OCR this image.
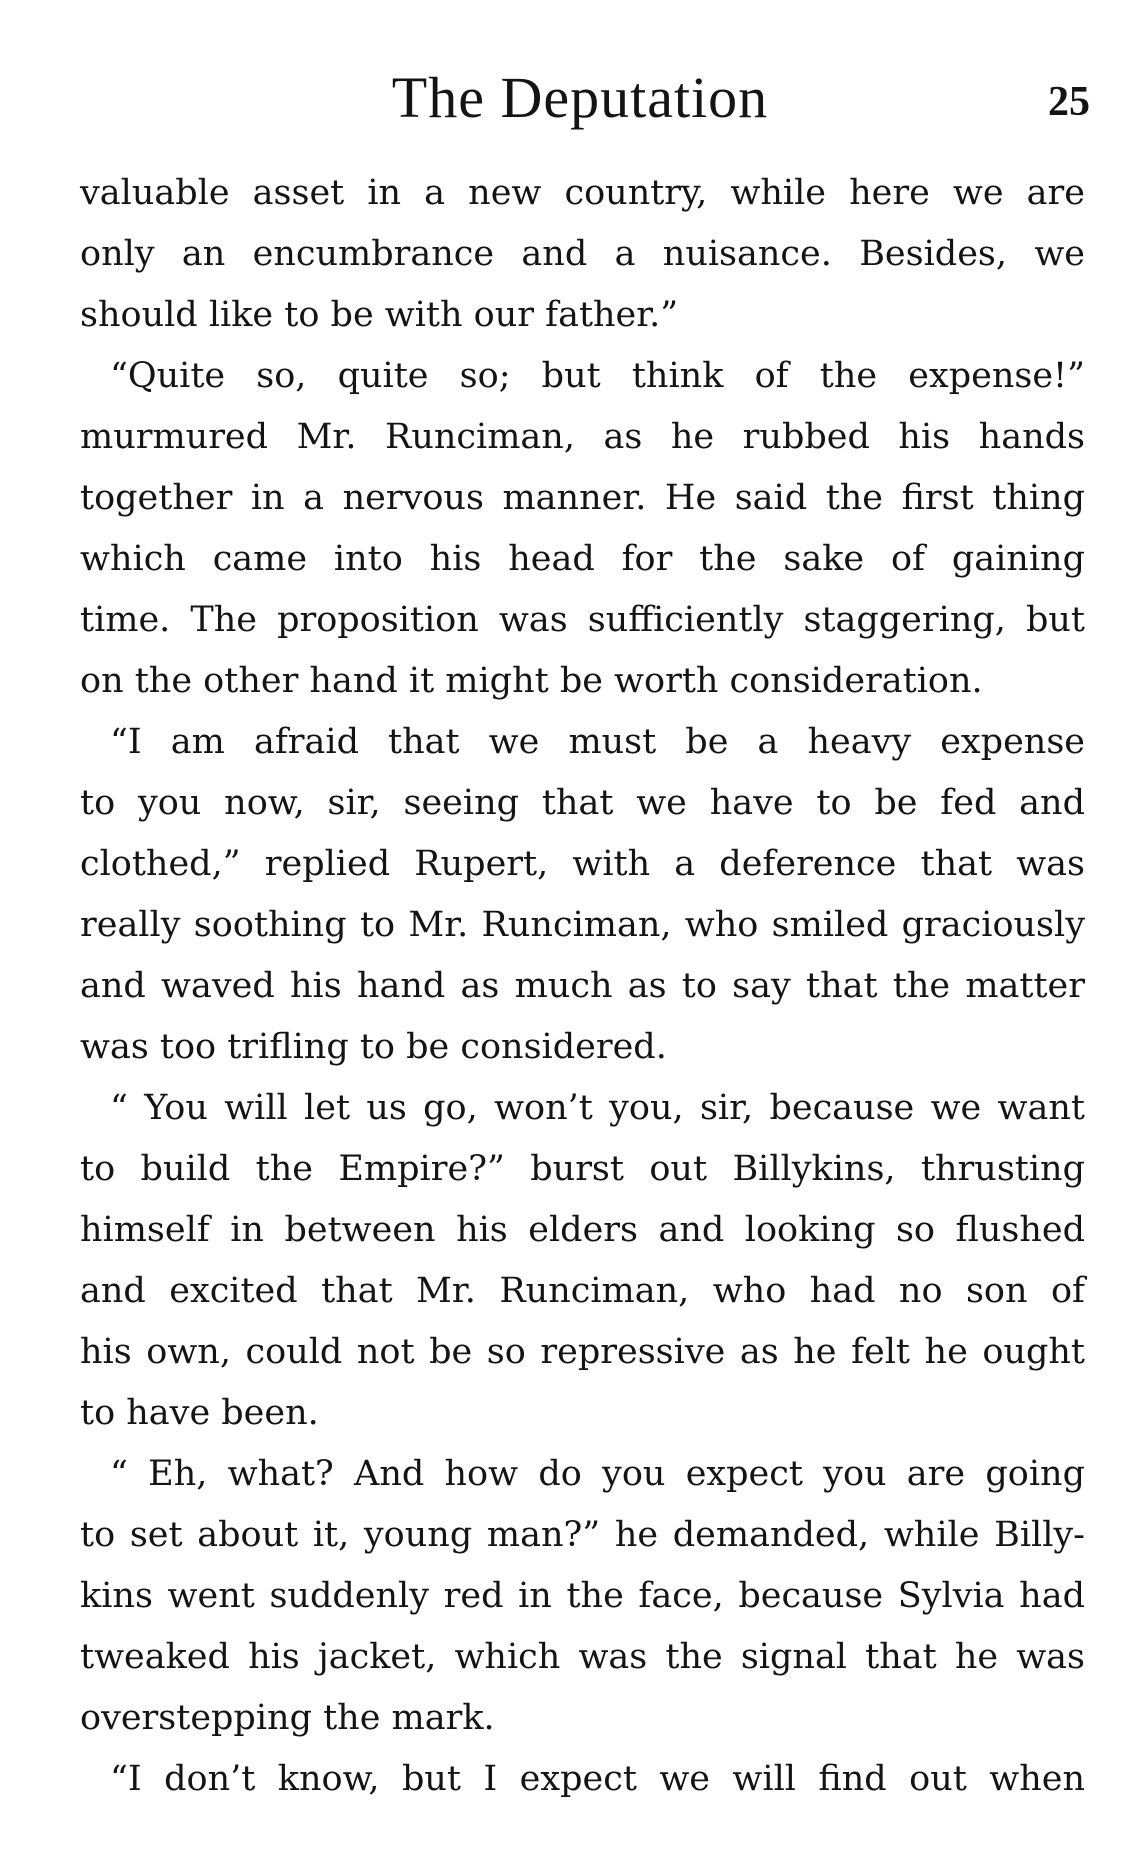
The Deputation	25
valuable asset in a new country, while here we are
only an encumbrance and a nuisance. Besides, we
should like to be with our father.”
“Quite so, quite so; but think of the expense!”
murmured Mr. Runciman, as he rubbed his hands
together in a nervous manner. He said the first thing
which came into his head for the sake of gaining
time. The proposition was sufficiently staggering, but
on the other hand it might be worth consideration.
“I am afraid that we must be a heavy expense
to you now, sir, seeing that we have to be fed and
clothed,” replied Rupert, with a deference that was
really soothing to Mr. Runciman, who smiled graciously
and waved his hand as much as to say that the matter
was too trifling to be considered.
“ You will let us go, won’t you, sir, because we want
to build the Empire?” burst out Billykins, thrusting
himself in between his elders and looking so flushed
and excited that Mr. Runciman, who had no son of
his own, could not be so repressive as he felt he ought
to have been.
“ Eh, what? And how do you expect you are going
to set about it, young man?” he demanded, while Billy-
kins went suddenly red in the face, because Sylvia had
tweaked his jacket, which was the signal that he was
overstepping the mark.
“I don’t know, but I expect we will find out when
